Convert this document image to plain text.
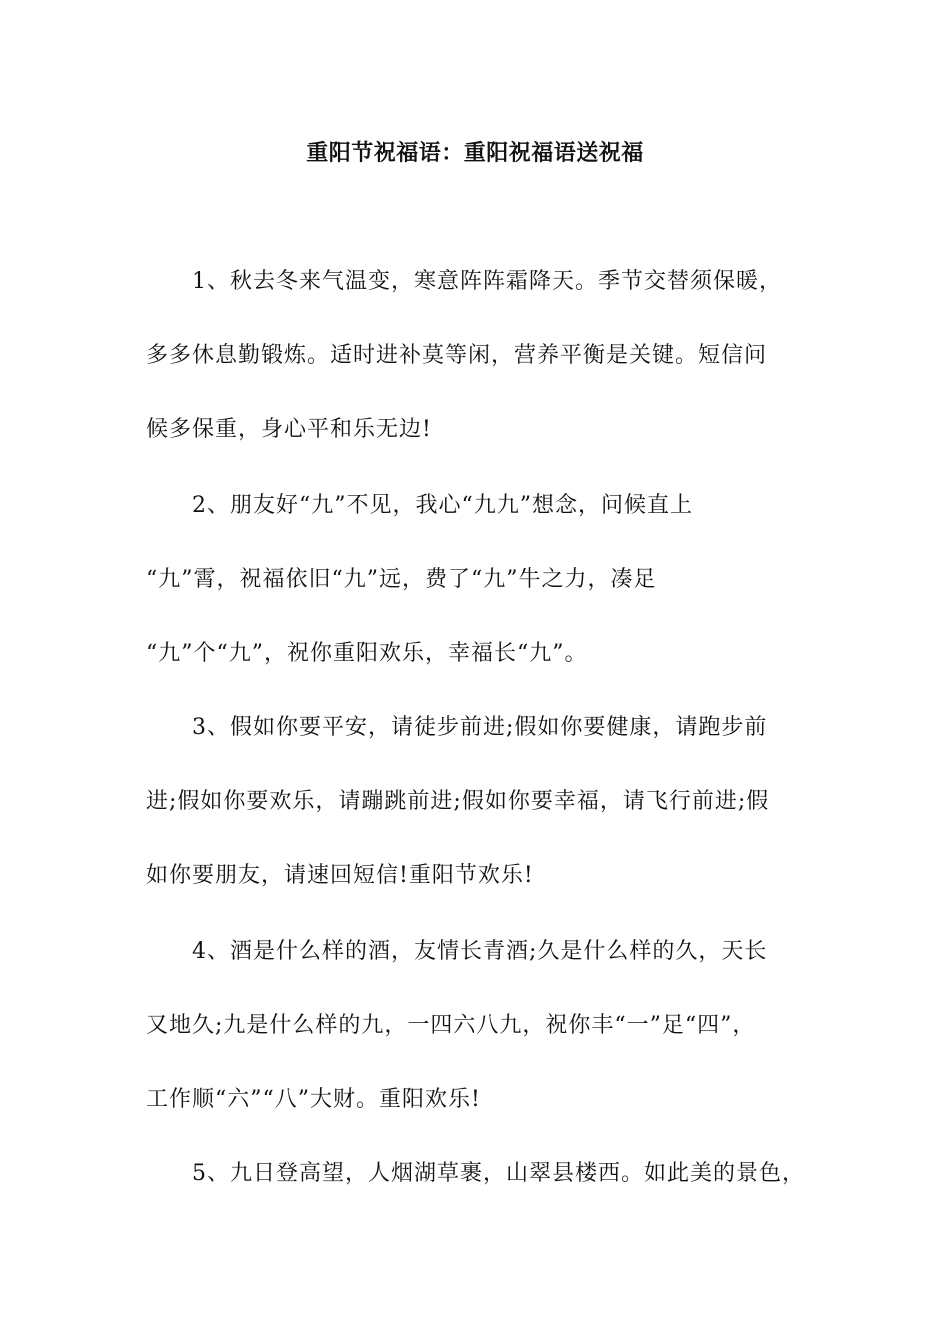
重阳节祝福语：重阳祝福语送祝福
1、秋去冬来气温变，寒意阵阵霜降天。季节交替须保暖，
多多休息勤锻炼。适时进补莫等闲，营养平衡是关键。短信问
候多保重，身心平和乐无边!
2、朋友好“九”不见，我心“九九”想念，问候直上
“九”霄，祝福依旧“九”远，费了“九”牛之力，凑足
“九”个“九”，祝你重阳欢乐，幸福长“九”。
3、假如你要平安，请徒步前进;假如你要健康，请跑步前
进;假如你要欢乐，请蹦跳前进;假如你要幸福，请飞行前进;假
如你要朋友，请速回短信!重阳节欢乐!
4、酒是什么样的酒，友情长青酒;久是什么样的久，天长
又地久;九是什么样的九，一四六八九，祝你丰“一”足“四”，
工作顺“六”“八”大财。重阳欢乐!
5、九日登高望，人烟湖草裹，山翠县楼西。如此美的景色，
